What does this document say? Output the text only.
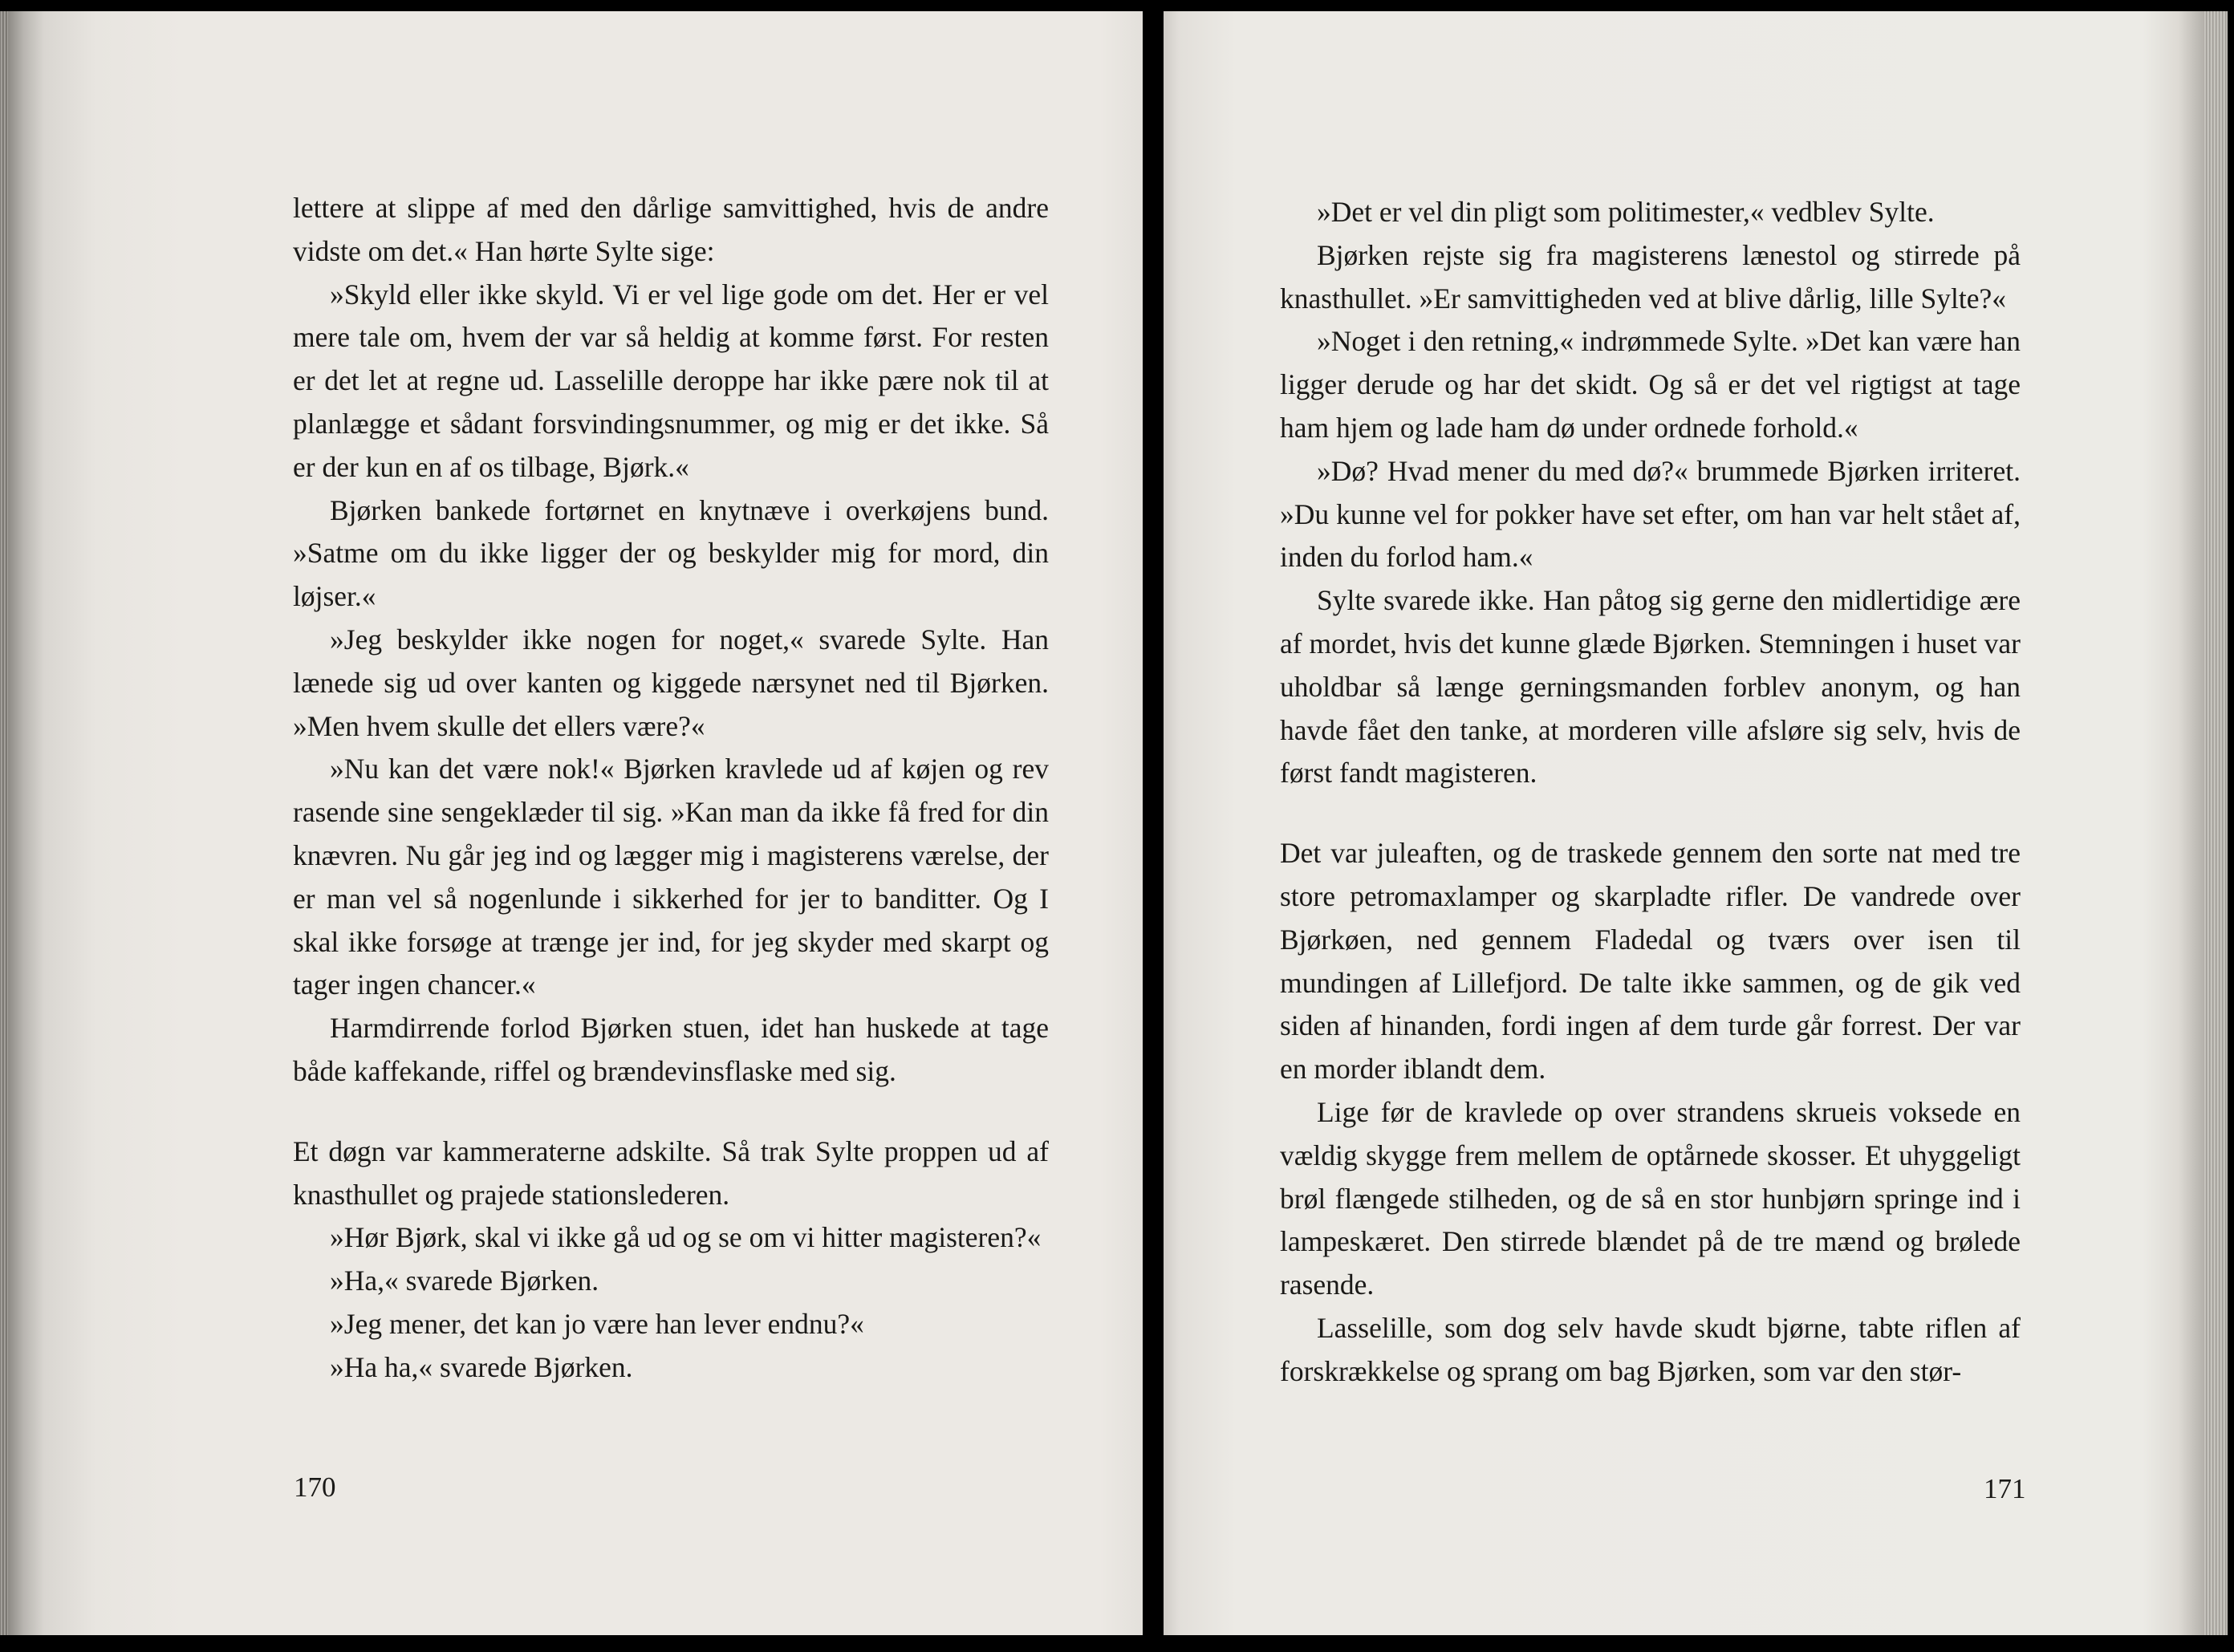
lettere at slippe af med den dårlige samvittighed, hvis de andre vidste om det.« Han hørte Sylte sige:

»Skyld eller ikke skyld. Vi er vel lige gode om det. Her er vel mere tale om, hvem der var så heldig at komme først. For resten er det let at regne ud. Lasselille deroppe har ikke pære nok til at planlægge et sådant forsvindingsnummer, og mig er det ikke. Så er der kun en af os tilbage, Bjørk.«

Bjørken bankede fortørnet en knytnæve i overkøjens bund. »Satme om du ikke ligger der og beskylder mig for mord, din løjser.«

»Jeg beskylder ikke nogen for noget,« svarede Sylte. Han lænede sig ud over kanten og kiggede nærsynet ned til Bjørken. »Men hvem skulle det ellers være?«

»Nu kan det være nok!« Bjørken kravlede ud af køjen og rev rasende sine sengeklæder til sig. »Kan man da ikke få fred for din knævren. Nu går jeg ind og lægger mig i magisterens værelse, der er man vel så nogenlunde i sikkerhed for jer to banditter. Og I skal ikke forsøge at trænge jer ind, for jeg skyder med skarpt og tager ingen chancer.«

Harmdirrende forlod Bjørken stuen, idet han huskede at tage både kaffekande, riffel og brændevinsflaske med sig.

Et døgn var kammeraterne adskilte. Så trak Sylte proppen ud af knasthullet og prajede stationslederen.

»Hør Bjørk, skal vi ikke gå ud og se om vi hitter magisteren?«

»Ha,« svarede Bjørken.

»Jeg mener, det kan jo være han lever endnu?«

»Ha ha,« svarede Bjørken.

170

»Det er vel din pligt som politimester,« vedblev Sylte.

Bjørken rejste sig fra magisterens lænestol og stirrede på knasthullet. »Er samvittigheden ved at blive dårlig, lille Sylte?«

»Noget i den retning,« indrømmede Sylte. »Det kan være han ligger derude og har det skidt. Og så er det vel rigtigst at tage ham hjem og lade ham dø under ordnede forhold.«

»Dø? Hvad mener du med dø?« brummede Bjørken irriteret. »Du kunne vel for pokker have set efter, om han var helt stået af, inden du forlod ham.«

Sylte svarede ikke. Han påtog sig gerne den midlertidige ære af mordet, hvis det kunne glæde Bjørken. Stemningen i huset var uholdbar så længe gerningsmanden forblev anonym, og han havde fået den tanke, at morderen ville afsløre sig selv, hvis de først fandt magisteren.

Det var juleaften, og de traskede gennem den sorte nat med tre store petromaxlamper og skarpladte rifler. De vandrede over Bjørkøen, ned gennem Fladedal og tværs over isen til mundingen af Lillefjord. De talte ikke sammen, og de gik ved siden af hinanden, fordi ingen af dem turde går forrest. Der var en morder iblandt dem.

Lige før de kravlede op over strandens skrueis voksede en vældig skygge frem mellem de optårnede skosser. Et uhyggeligt brøl flængede stilheden, og de så en stor hunbjørn springe ind i lampeskæret. Den stirrede blændet på de tre mænd og brølede rasende.

Lasselille, som dog selv havde skudt bjørne, tabte riflen af forskrækkelse og sprang om bag Bjørken, som var den stør-

171
